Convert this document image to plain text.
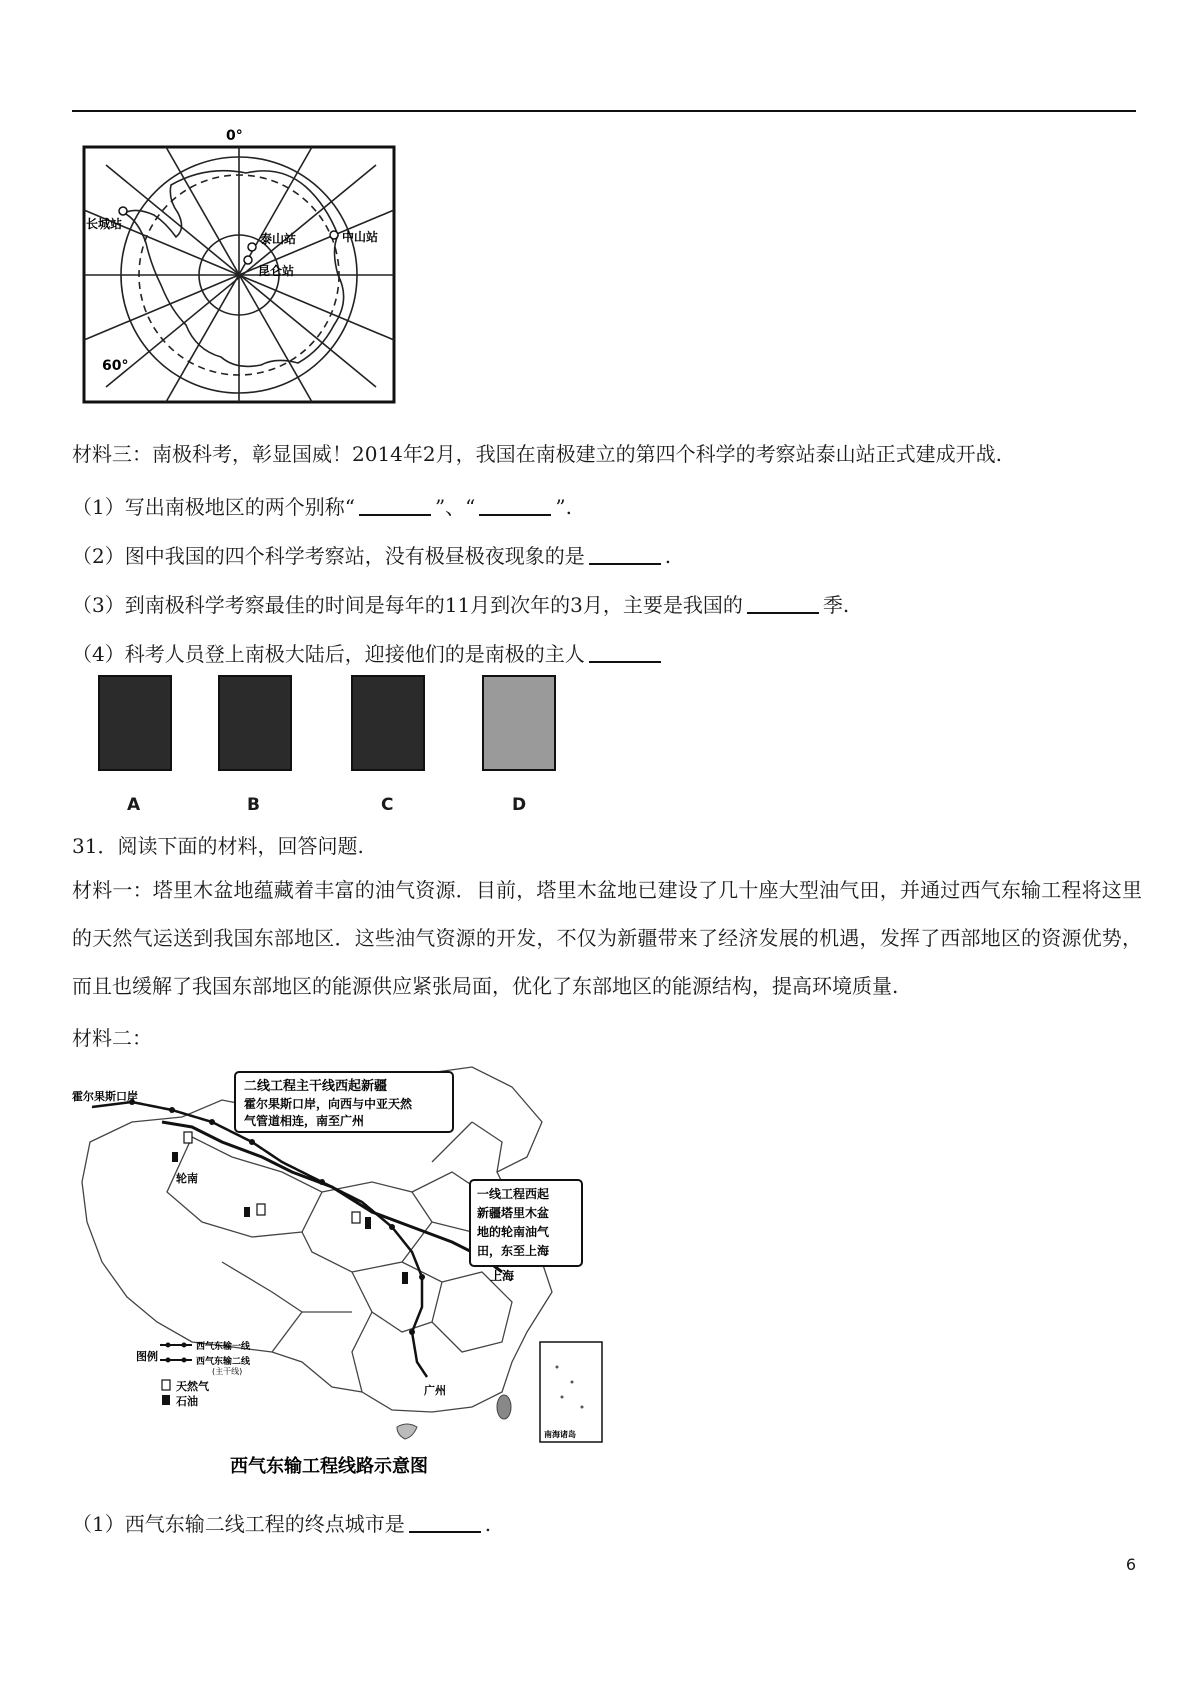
0°
长城站
泰山站	中山站
昆仑站
60°
材料三：南极科考，彰显国威！2014年2月，我国在南极建立的第四个科学的考察站泰山站正式建成开战.
（1）写出南极地区的两个别称“	”、“	”.
（2）图中我国的四个科学考察站，没有极昼极夜现象的是	.
（3）到南极科学考察最佳的时间是每年的11月到次年的3月，主要是我国的	季.
（4）科考人员登上南极大陆后，迎接他们的是南极的主人
A	B	C	D
31．阅读下面的材料，回答问题.
材料一：塔里木盆地蕴藏着丰富的油气资源．目前，塔里木盆地已建设了几十座大型油气田，并通过西气东输工程将这里的天然气运送到我国东部地区．这些油气资源的开发，不仅为新疆带来了经济发展的机遇，发挥了西部地区的资源优势，而且也缓解了我国东部地区的能源供应紧张局面，优化了东部地区的能源结构，提高环境质量.
材料二：
二线工程主干线西起新疆
霍尔果斯口岸，向西与中亚天然
气管道相连，南至广州
一线工程西起
新疆塔里木盆
地的轮南油气
田，东至上海
霍尔果斯口岸
轮南
上海
广州
图例
西气东输一线
西气东输二线
(主干线)
天然气
石油
南海诸岛
西气东输工程线路示意图
（1）西气东输二线工程的终点城市是	.
6
